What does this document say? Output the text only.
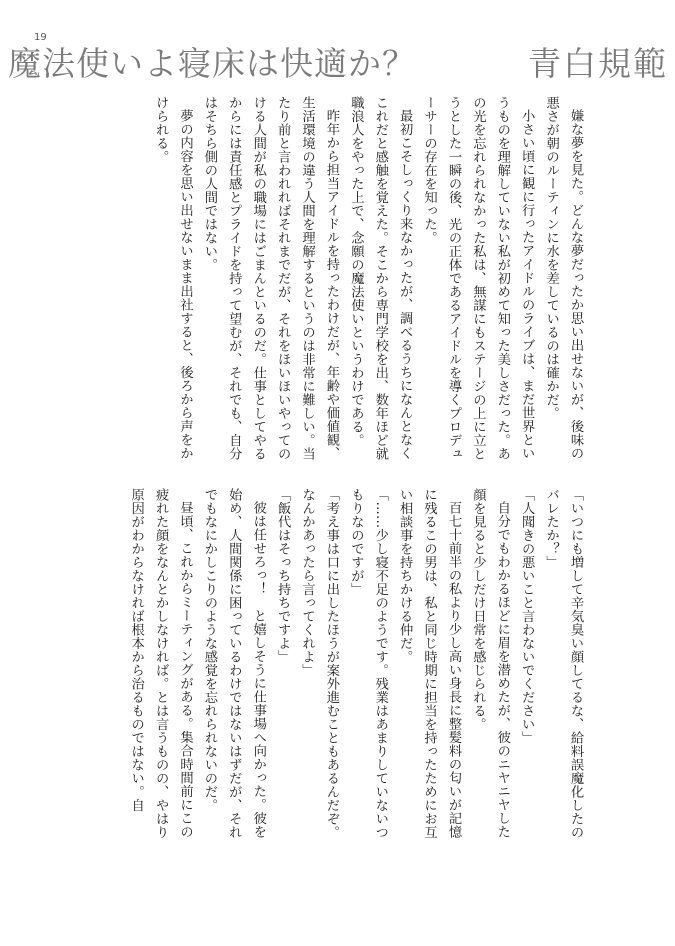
19
魔法使いよ寝床は快適か？	青白規範

嫌な夢を見た。どんな夢だったか思い出せないが、後味の悪さが朝のルーティンに水を差しているのは確かだ。

小さい頃に観に行ったアイドルのライブは、まだ世界というものを理解していない私が初めて知った美しさだった。あの光を忘れられなかった私は、無謀にもステージの上に立とうとした一瞬の後、光の正体であるアイドルを導くプロデューサーの存在を知った。

最初こそしっくり来なかったが、調べるうちになんとなくこれだと感触を覚えた。そこから専門学校を出、数年ほど就職浪人をやった上で、念願の魔法使いというわけである。

昨年から担当アイドルを持ったわけだが、年齢や価値観、生活環境の違う人間を理解するというのは非常に難しい。当たり前と言われればそれまでだが、それをほいほいやってのける人間が私の職場にはごまんといるのだ。仕事としてやるからには責任感とプライドを持って望むが、それでも、自分はそちら側の人間ではない。

夢の内容を思い出せないまま出社すると、後ろから声をかけられる。

「いつにも増して辛気臭い顔してるな、給料誤魔化したのバレたか？」

「人聞きの悪いこと言わないでください」

自分でもわかるほどに眉を潜めたが、彼のニヤニヤした顔を見ると少しだけ日常を感じられる。

百七十前半の私より少し高い身長に整髪料の匂いが記憶に残るこの男は、私と同じ時期に担当を持ったためにお互い相談事を持ちかける仲だ。

「……少し寝不足のようです。残業はあまりしていないつもりなのですが」

「考え事は口に出したほうが案外進むこともあるんだぞ。なんかあったら言ってくれよ」

「飯代はそっち持ちですよ」

彼は任せろっ！　と嬉しそうに仕事場へ向かった。彼を始め、人間関係に困っているわけではないはずだが、それでもなにかしこりのような感覚を忘れられないのだ。

昼頃、これからミーティングがある。集合時間前にこの疲れた顔をなんとかしなければ。とは言うものの、やはり原因がわからなければ根本から治るものではない。自
